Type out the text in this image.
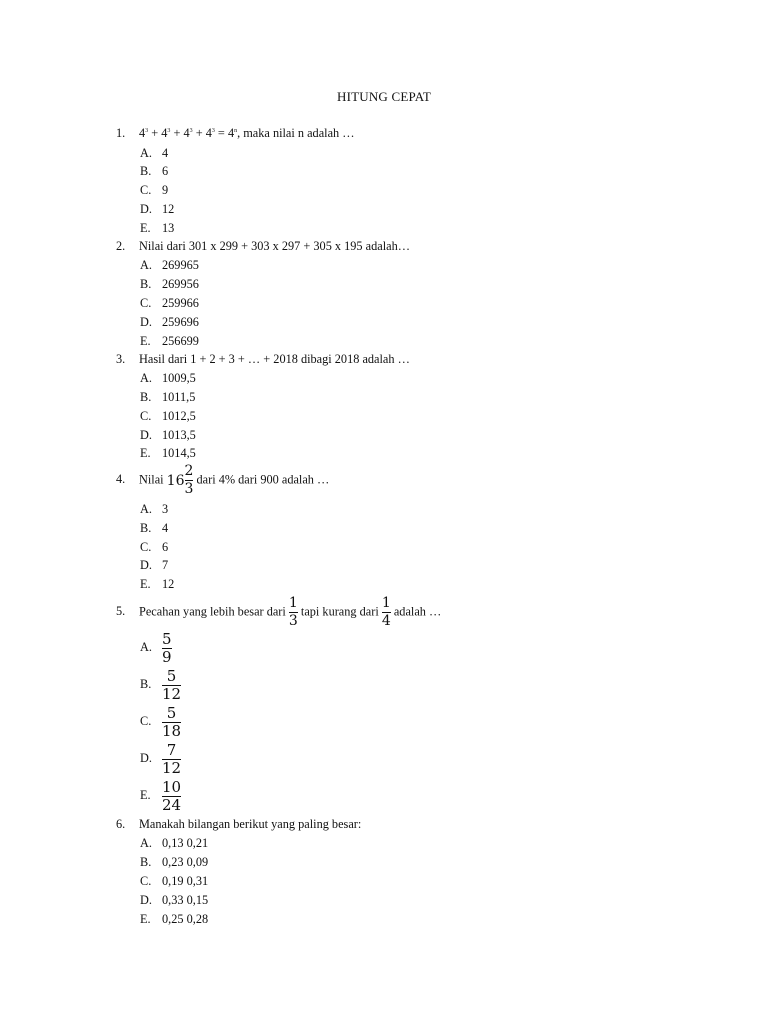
HITUNG CEPAT
1. $4^3 + 4^3 + 4^3 + 4^3 = 4^n$, maka nilai n adalah …
A. 4
B. 6
C. 9
D. 12
E. 13
2. Nilai dari 301 x 299 + 303 x 297 + 305 x 195 adalah…
A. 269965
B. 269956
C. 259966
D. 259696
E. 256699
3. Hasil dari 1 + 2 + 3 + … + 2018 dibagi 2018 adalah …
A. 1009,5
B. 1011,5
C. 1012,5
D. 1013,5
E. 1014,5
4. Nilai $16 \frac{2}{3}$ dari 4% dari 900 adalah …
A. 3
B. 4
C. 6
D. 7
E. 12
5. Pecahan yang lebih besar dari $\frac{1}{3}$ tapi kurang dari $\frac{1}{4}$ adalah …
A. $\frac{5}{9}$
B. $\frac{5}{12}$
C. $\frac{5}{18}$
D. $\frac{7}{12}$
E. $\frac{10}{24}$
6. Manakah bilangan berikut yang paling besar:
A. 0,13 0,21
B. 0,23 0,09
C. 0,19 0,31
D. 0,33 0,15
E. 0,25 0,28
